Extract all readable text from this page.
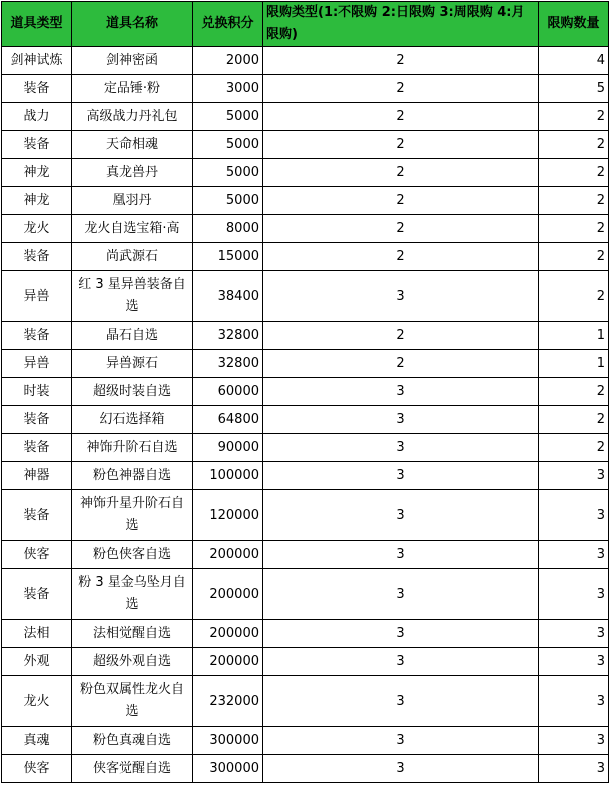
道具类型	道具名称	兑换积分	限购类型(1:不限购 2:日限购 3:周限购 4:月限购)	限购数量
剑神试炼	剑神密函	2000	2	4
装备	定品锤·粉	3000	2	5
战力	高级战力丹礼包	5000	2	2
装备	天命相魂	5000	2	2
神龙	真龙兽丹	5000	2	2
神龙	凰羽丹	5000	2	2
龙火	龙火自选宝箱·高	8000	2	2
装备	尚武源石	15000	2	2
异兽	红 3 星异兽装备自选	38400	3	2
装备	晶石自选	32800	2	1
异兽	异兽源石	32800	2	1
时装	超级时装自选	60000	3	2
装备	幻石选择箱	64800	3	2
装备	神饰升阶石自选	90000	3	2
神器	粉色神器自选	100000	3	3
装备	神饰升星升阶石自选	120000	3	3
侠客	粉色侠客自选	200000	3	3
装备	粉 3 星金乌坠月自选	200000	3	3
法相	法相觉醒自选	200000	3	3
外观	超级外观自选	200000	3	3
龙火	粉色双属性龙火自选	232000	3	3
真魂	粉色真魂自选	300000	3	3
侠客	侠客觉醒自选	300000	3	3
